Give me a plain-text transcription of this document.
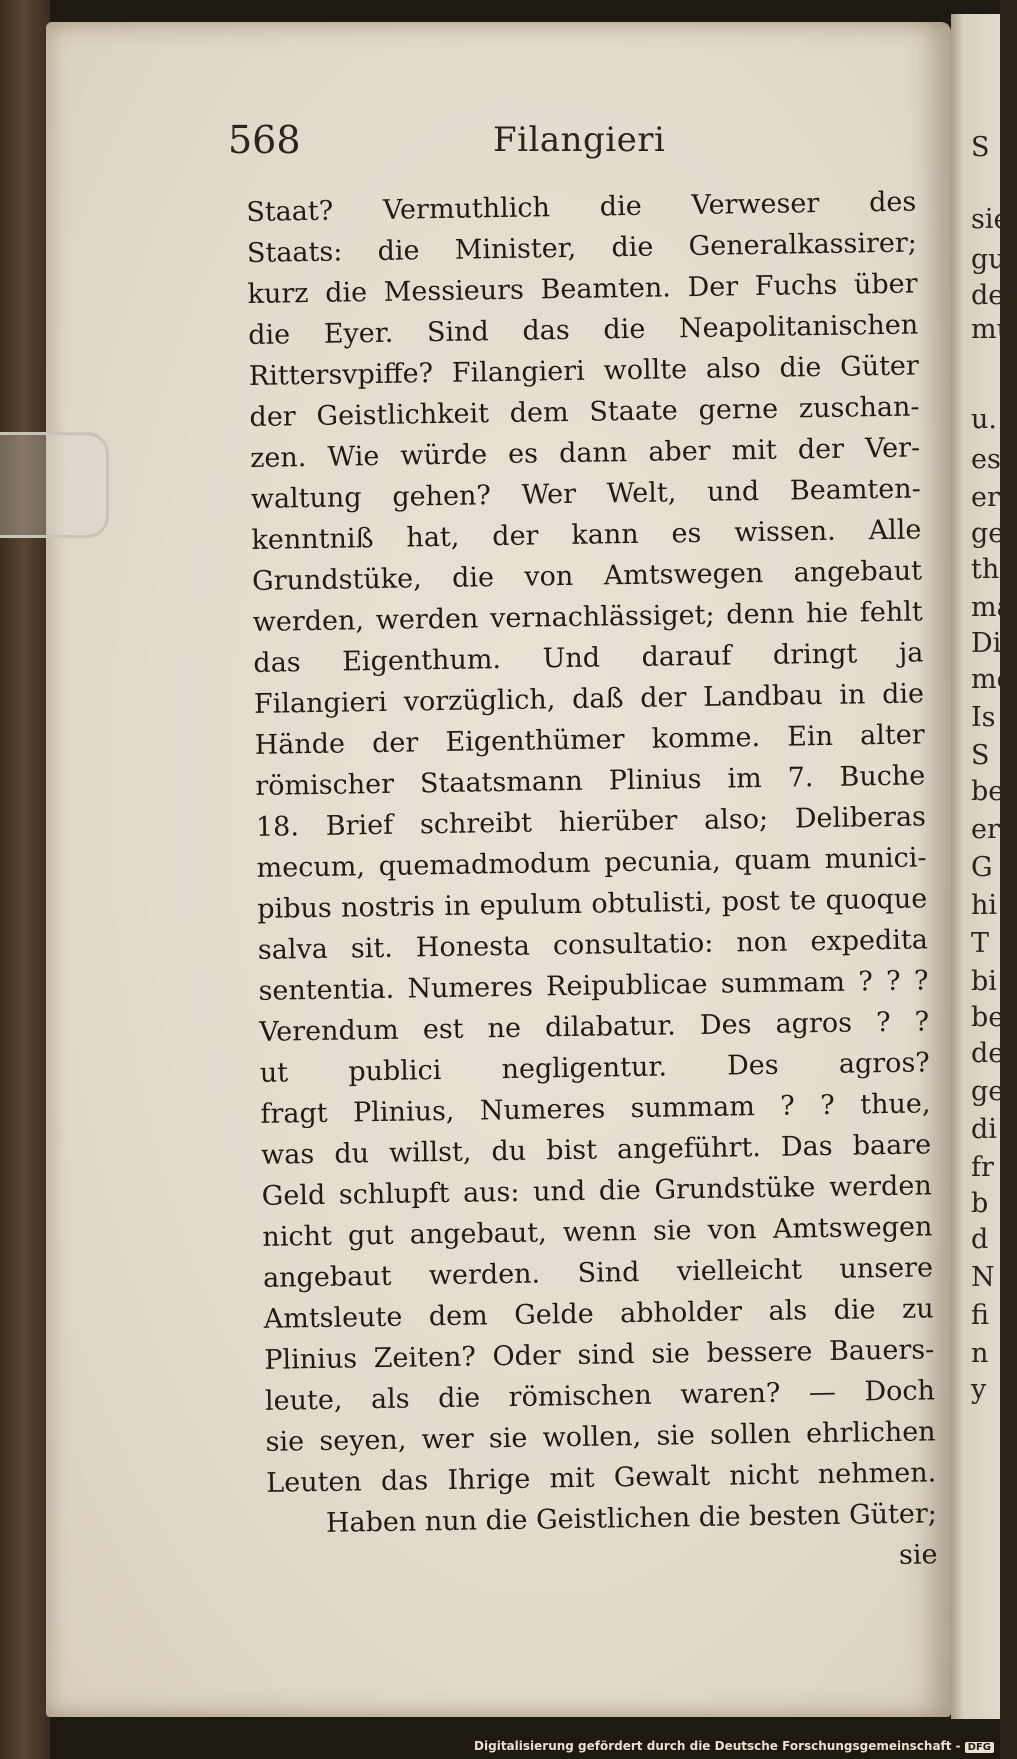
S
sie
gu
der
mu
u.
es
erf
gei
thi
ma
Di
me
Is
S
be
er
G
hi
T
bi
be
de
ge
di
fr
b
d
N
fi
n
y
568	Filangieri
Staat? Vermuthlich die Verweser des
Staats: die Minister, die Generalkassirer;
kurz die Messieurs Beamten. Der Fuchs über
die Eyer. Sind das die Neapolitanischen
Rittersvpiffe? Filangieri wollte also die Güter
der Geistlichkeit dem Staate gerne zuschan-
zen. Wie würde es dann aber mit der Ver-
waltung gehen? Wer Welt, und Beamten-
kenntniß hat, der kann es wissen. Alle
Grundstüke, die von Amtswegen angebaut
werden, werden vernachlässiget; denn hie fehlt
das Eigenthum. Und darauf dringt ja
Filangieri vorzüglich, daß der Landbau in die
Hände der Eigenthümer komme. Ein alter
römischer Staatsmann Plinius im 7. Buche
18. Brief schreibt hierüber also; Deliberas
mecum, quemadmodum pecunia, quam munici-
pibus nostris in epulum obtulisti, post te quoque
salva sit. Honesta consultatio: non expedita
sententia. Numeres Reipublicae summam ? ? ?
Verendum est ne dilabatur. Des agros ? ?
ut publici negligentur. Des agros?
fragt Plinius, Numeres summam ? ? thue,
was du willst, du bist angeführt. Das baare
Geld schlupft aus: und die Grundstüke werden
nicht gut angebaut, wenn sie von Amtswegen
angebaut werden. Sind vielleicht unsere
Amtsleute dem Gelde abholder als die zu
Plinius Zeiten? Oder sind sie bessere Bauers-
leute, als die römischen waren? — Doch
sie seyen, wer sie wollen, sie sollen ehrlichen
Leuten das Ihrige mit Gewalt nicht nehmen.
Haben nun die Geistlichen die besten Güter;
sie
Digitalisierung gefördert durch die Deutsche Forschungsgemeinschaft - DFG
